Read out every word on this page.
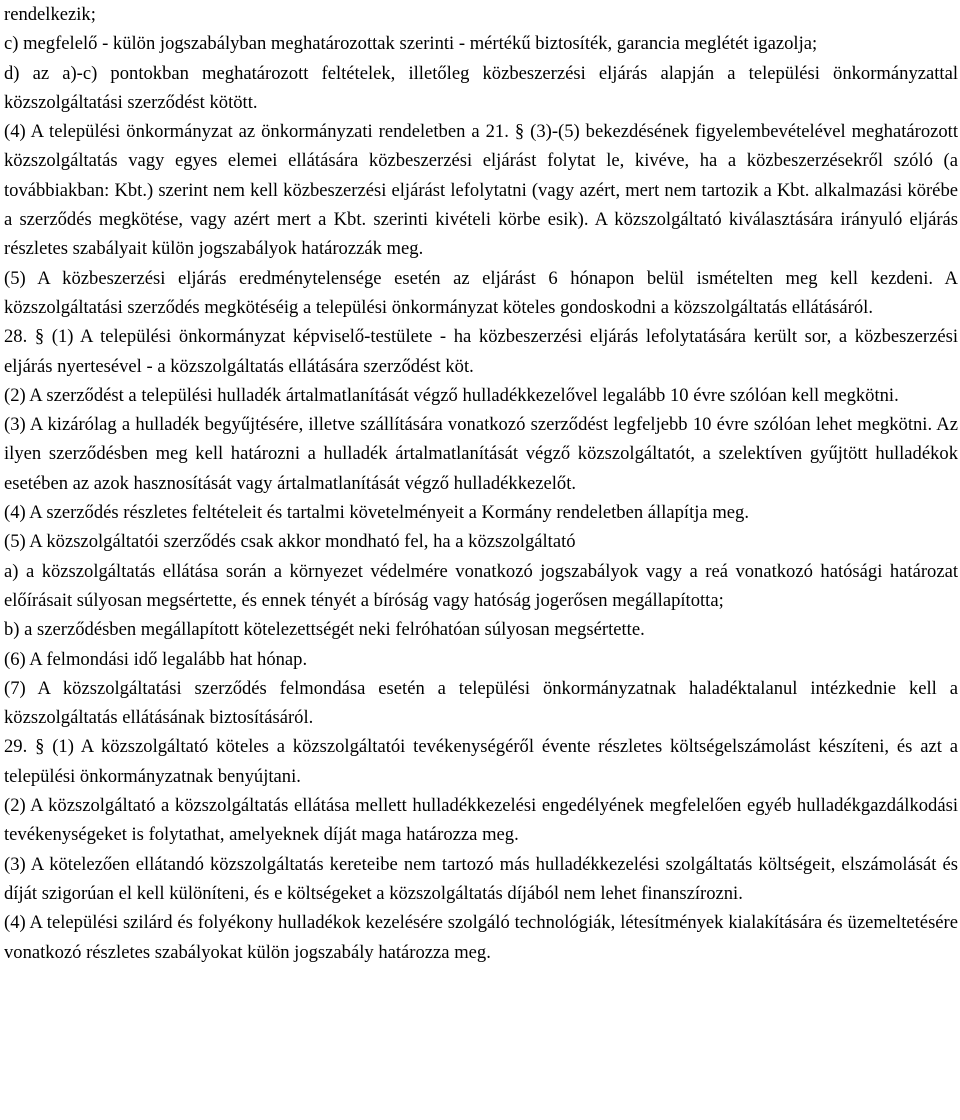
rendelkezik;

c) megfelelő - külön jogszabályban meghatározottak szerinti - mértékű biztosíték, garancia meglétét igazolja;

d) az a)-c) pontokban meghatározott feltételek, illetőleg közbeszerzési eljárás alapján a települési önkormányzattal közszolgáltatási szerződést kötött.

(4) A települési önkormányzat az önkormányzati rendeletben a 21. § (3)-(5) bekezdésének figyelembevételével meghatározott közszolgáltatás vagy egyes elemei ellátására közbeszerzési eljárást folytat le, kivéve, ha a közbeszerzésekről szóló (a továbbiakban: Kbt.) szerint nem kell közbeszerzési eljárást lefolytatni (vagy azért, mert nem tartozik a Kbt. alkalmazási körébe a szerződés megkötése, vagy azért mert a Kbt. szerinti kivételi körbe esik). A közszolgáltató kiválasztására irányuló eljárás részletes szabályait külön jogszabályok határozzák meg.

(5) A közbeszerzési eljárás eredménytelensége esetén az eljárást 6 hónapon belül ismételten meg kell kezdeni. A közszolgáltatási szerződés megkötéséig a települési önkormányzat köteles gondoskodni a közszolgáltatás ellátásáról.

28. § (1) A települési önkormányzat képviselő-testülete - ha közbeszerzési eljárás lefolytatására került sor, a közbeszerzési eljárás nyertesével - a közszolgáltatás ellátására szerződést köt.

(2) A szerződést a települési hulladék ártalmatlanítását végző hulladékkezelővel legalább 10 évre szólóan kell megkötni.

(3) A kizárólag a hulladék begyűjtésére, illetve szállítására vonatkozó szerződést legfeljebb 10 évre szólóan lehet megkötni. Az ilyen szerződésben meg kell határozni a hulladék ártalmatlanítását végző közszolgáltatót, a szelektíven gyűjtött hulladékok esetében az azok hasznosítását vagy ártalmatlanítását végző hulladékkezelőt.

(4) A szerződés részletes feltételeit és tartalmi követelményeit a Kormány rendeletben állapítja meg.

(5) A közszolgáltatói szerződés csak akkor mondható fel, ha a közszolgáltató

a) a közszolgáltatás ellátása során a környezet védelmére vonatkozó jogszabályok vagy a reá vonatkozó hatósági határozat előírásait súlyosan megsértette, és ennek tényét a bíróság vagy hatóság jogerősen megállapította;

b) a szerződésben megállapított kötelezettségét neki felróhatóan súlyosan megsértette.

(6) A felmondási idő legalább hat hónap.

(7) A közszolgáltatási szerződés felmondása esetén a települési önkormányzatnak haladéktalanul intézkednie kell a közszolgáltatás ellátásának biztosításáról.

29. § (1) A közszolgáltató köteles a közszolgáltatói tevékenységéről évente részletes költségelszámolást készíteni, és azt a települési önkormányzatnak benyújtani.

(2) A közszolgáltató a közszolgáltatás ellátása mellett hulladékkezelési engedélyének megfelelően egyéb hulladékgazdálkodási tevékenységeket is folytathat, amelyeknek díját maga határozza meg.

(3) A kötelezően ellátandó közszolgáltatás kereteibe nem tartozó más hulladékkezelési szolgáltatás költségeit, elszámolását és díját szigorúan el kell különíteni, és e költségeket a közszolgáltatás díjából nem lehet finanszírozni.

(4) A települési szilárd és folyékony hulladékok kezelésére szolgáló technológiák, létesítmények kialakítására és üzemeltetésére vonatkozó részletes szabályokat külön jogszabály határozza meg.
